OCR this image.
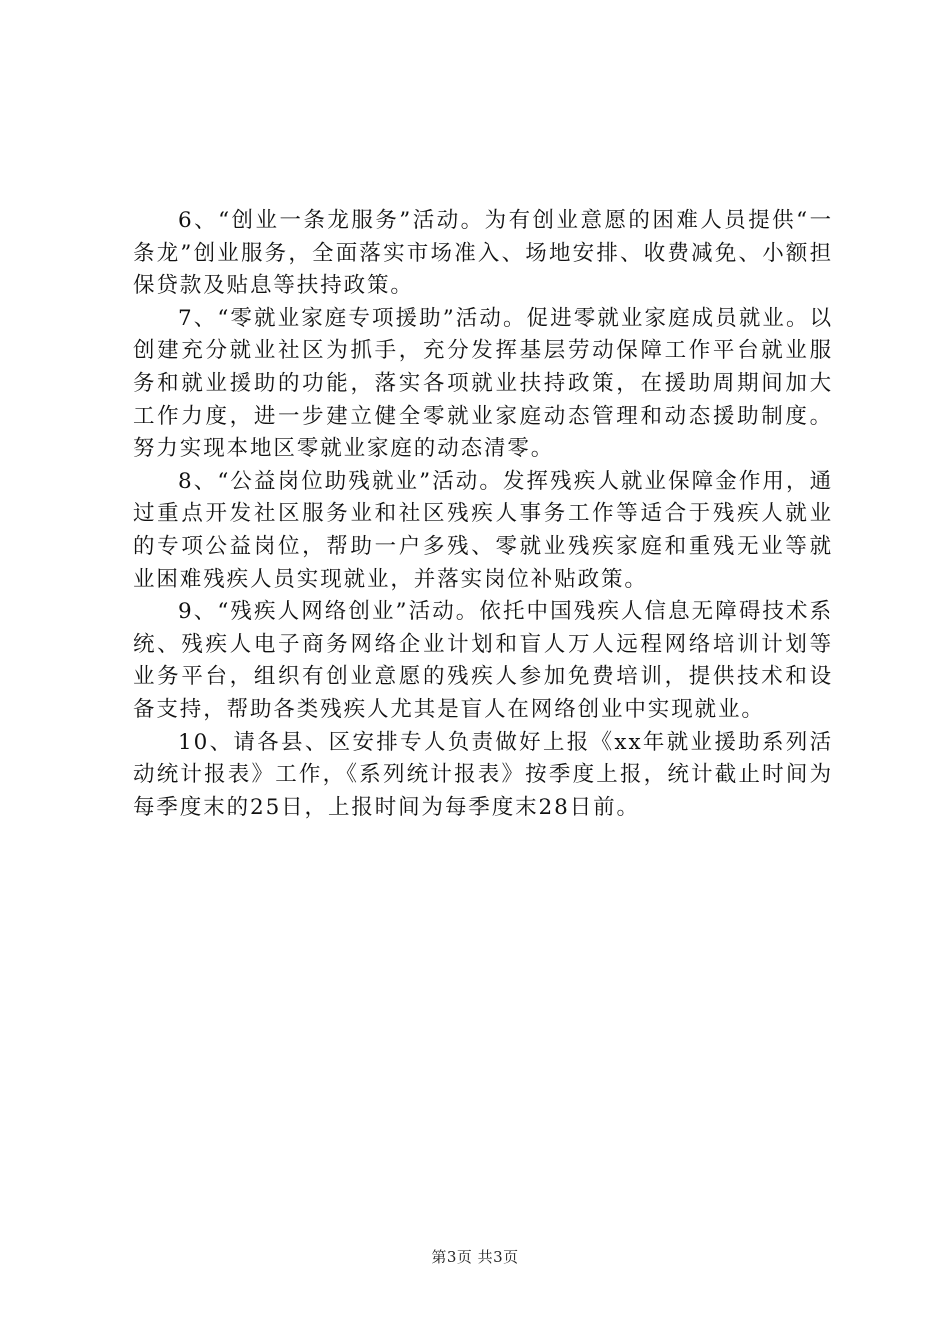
6、“创业一条龙服务”活动。为有创业意愿的困难人员提供“一条龙”创业服务，全面落实市场准入、场地安排、收费减免、小额担保贷款及贴息等扶持政策。

7、“零就业家庭专项援助”活动。促进零就业家庭成员就业。以创建充分就业社区为抓手，充分发挥基层劳动保障工作平台就业服务和就业援助的功能，落实各项就业扶持政策，在援助周期间加大工作力度，进一步建立健全零就业家庭动态管理和动态援助制度。努力实现本地区零就业家庭的动态清零。

8、“公益岗位助残就业”活动。发挥残疾人就业保障金作用，通过重点开发社区服务业和社区残疾人事务工作等适合于残疾人就业的专项公益岗位，帮助一户多残、零就业残疾家庭和重残无业等就业困难残疾人员实现就业，并落实岗位补贴政策。

9、“残疾人网络创业”活动。依托中国残疾人信息无障碍技术系统、残疾人电子商务网络企业计划和盲人万人远程网络培训计划等业务平台，组织有创业意愿的残疾人参加免费培训，提供技术和设备支持，帮助各类残疾人尤其是盲人在网络创业中实现就业。

10、请各县、区安排专人负责做好上报《xx年就业援助系列活动统计报表》工作，《系列统计报表》按季度上报，统计截止时间为每季度末的25日，上报时间为每季度末28日前。

第3页 共3页
